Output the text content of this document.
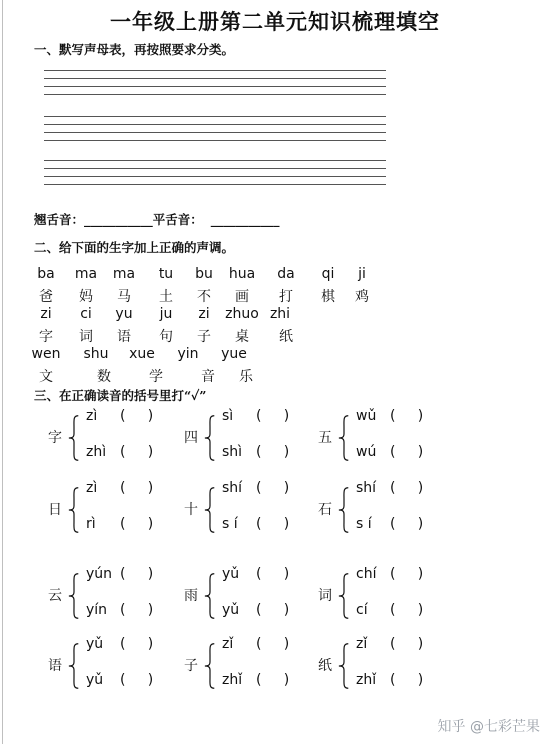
一年级上册第二单元知识梳理填空
一、默写声母表，再按照要求分类。
翘舌音：___________平舌音： ___________
二、给下面的生字加上正确的声调。
ba	ma	ma	tu	bu	hua	da	qi	ji
爸	妈	马	土	不	画	打	棋	鸡
zi	ci	yu	ju	zi	zhuo zhi
字	词	语	句	子	桌	纸
wen	shu	xue	yin	yue
文	数	学	音	乐
三、在正确读音的括号里打“✓”
字
zì (     )
zhì (     )
四
sì (     )
shì (     )
五
wǔ (     )
wú (     )
日
zì (     )
rì (     )
十
shí (     )
s í (     )
石
shí (     )
s í (     )
云
yún (     )
yín (     )
雨
yǔ (     )
yǔ (     )
词
chí (     )
cí (     )
语
yǔ (     )
yǔ (     )
子
zǐ (     )
zhǐ (     )
纸
zǐ (     )
zhǐ (     )
知乎 @七彩芒果
